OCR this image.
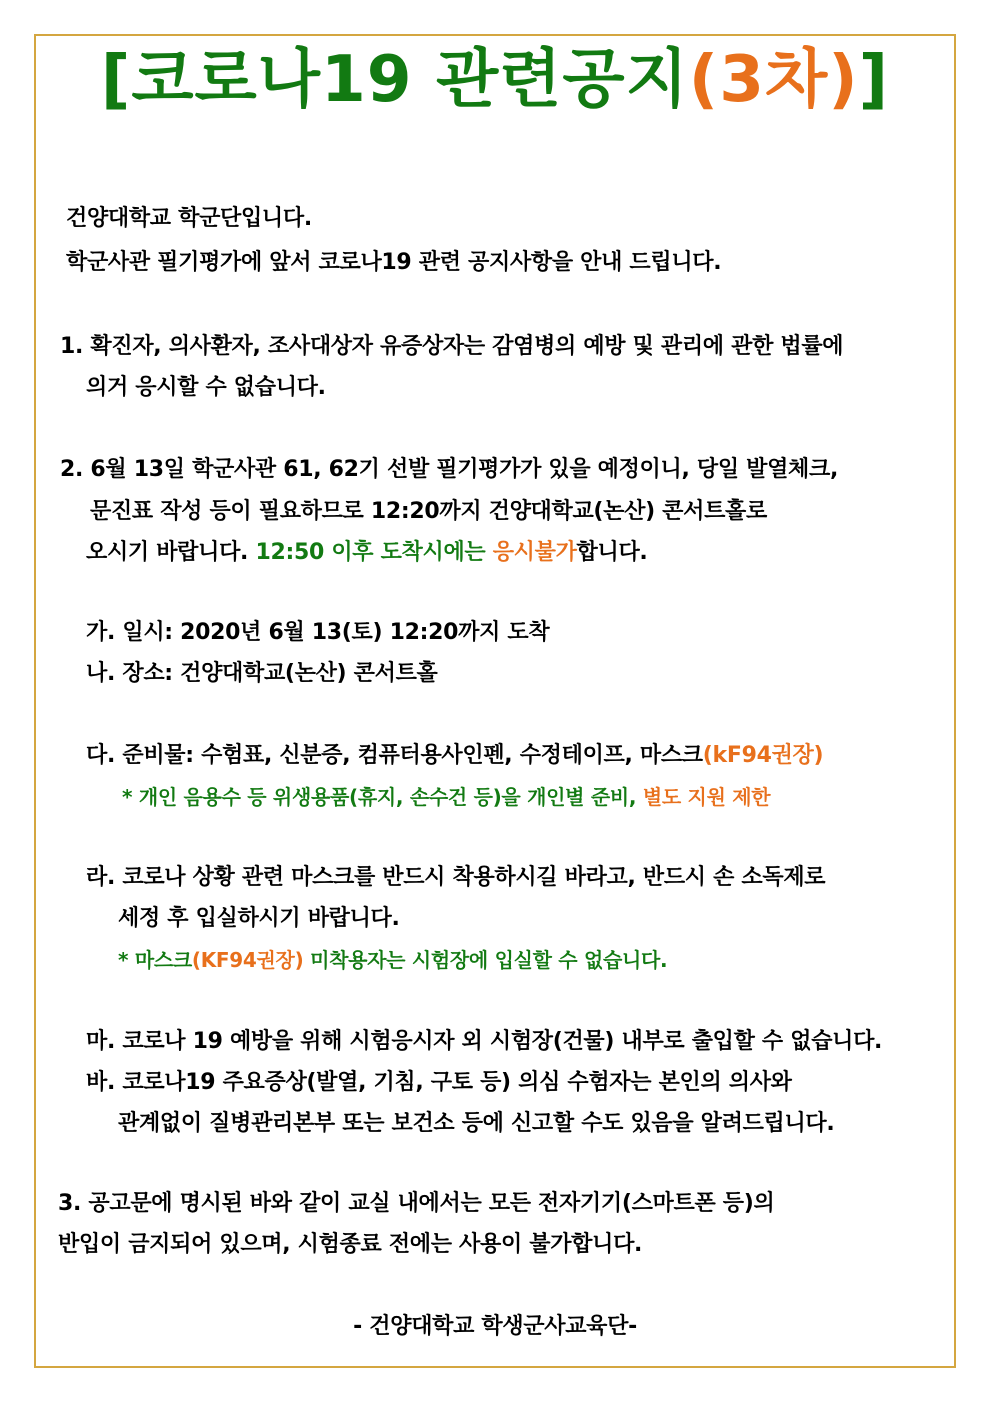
[코로나19 관련공지(3차)]
건양대학교 학군단입니다.
학군사관 필기평가에 앞서 코로나19 관련 공지사항을 안내 드립니다.
1. 확진자, 의사환자, 조사대상자 유증상자는 감염병의 예방 및 관리에 관한 법률에
의거 응시할 수 없습니다.
2. 6월 13일 학군사관 61, 62기 선발 필기평가가 있을 예정이니, 당일 발열체크,
문진표 작성 등이 필요하므로 12:20까지 건양대학교(논산) 콘서트홀로
오시기 바랍니다. 12:50 이후 도착시에는 응시불가합니다.
가. 일시: 2020년 6월 13(토) 12:20까지 도착
나. 장소: 건양대학교(논산) 콘서트홀
다. 준비물: 수험표, 신분증, 컴퓨터용사인펜, 수정테이프, 마스크(kF94권장)
* 개인 음용수 등 위생용품(휴지, 손수건 등)을 개인별 준비, 별도 지원 제한
라. 코로나 상황 관련 마스크를 반드시 착용하시길 바라고, 반드시 손 소독제로
세정 후 입실하시기 바랍니다.
* 마스크(KF94권장) 미착용자는 시험장에 입실할 수 없습니다.
마. 코로나 19 예방을 위해 시험응시자 외 시험장(건물) 내부로 출입할 수 없습니다.
바. 코로나19 주요증상(발열, 기침, 구토 등) 의심 수험자는 본인의 의사와
관계없이 질병관리본부 또는 보건소 등에 신고할 수도 있음을 알려드립니다.
3. 공고문에 명시된 바와 같이 교실 내에서는 모든 전자기기(스마트폰 등)의
반입이 금지되어 있으며, 시험종료 전에는 사용이 불가합니다.
- 건양대학교 학생군사교육단-
